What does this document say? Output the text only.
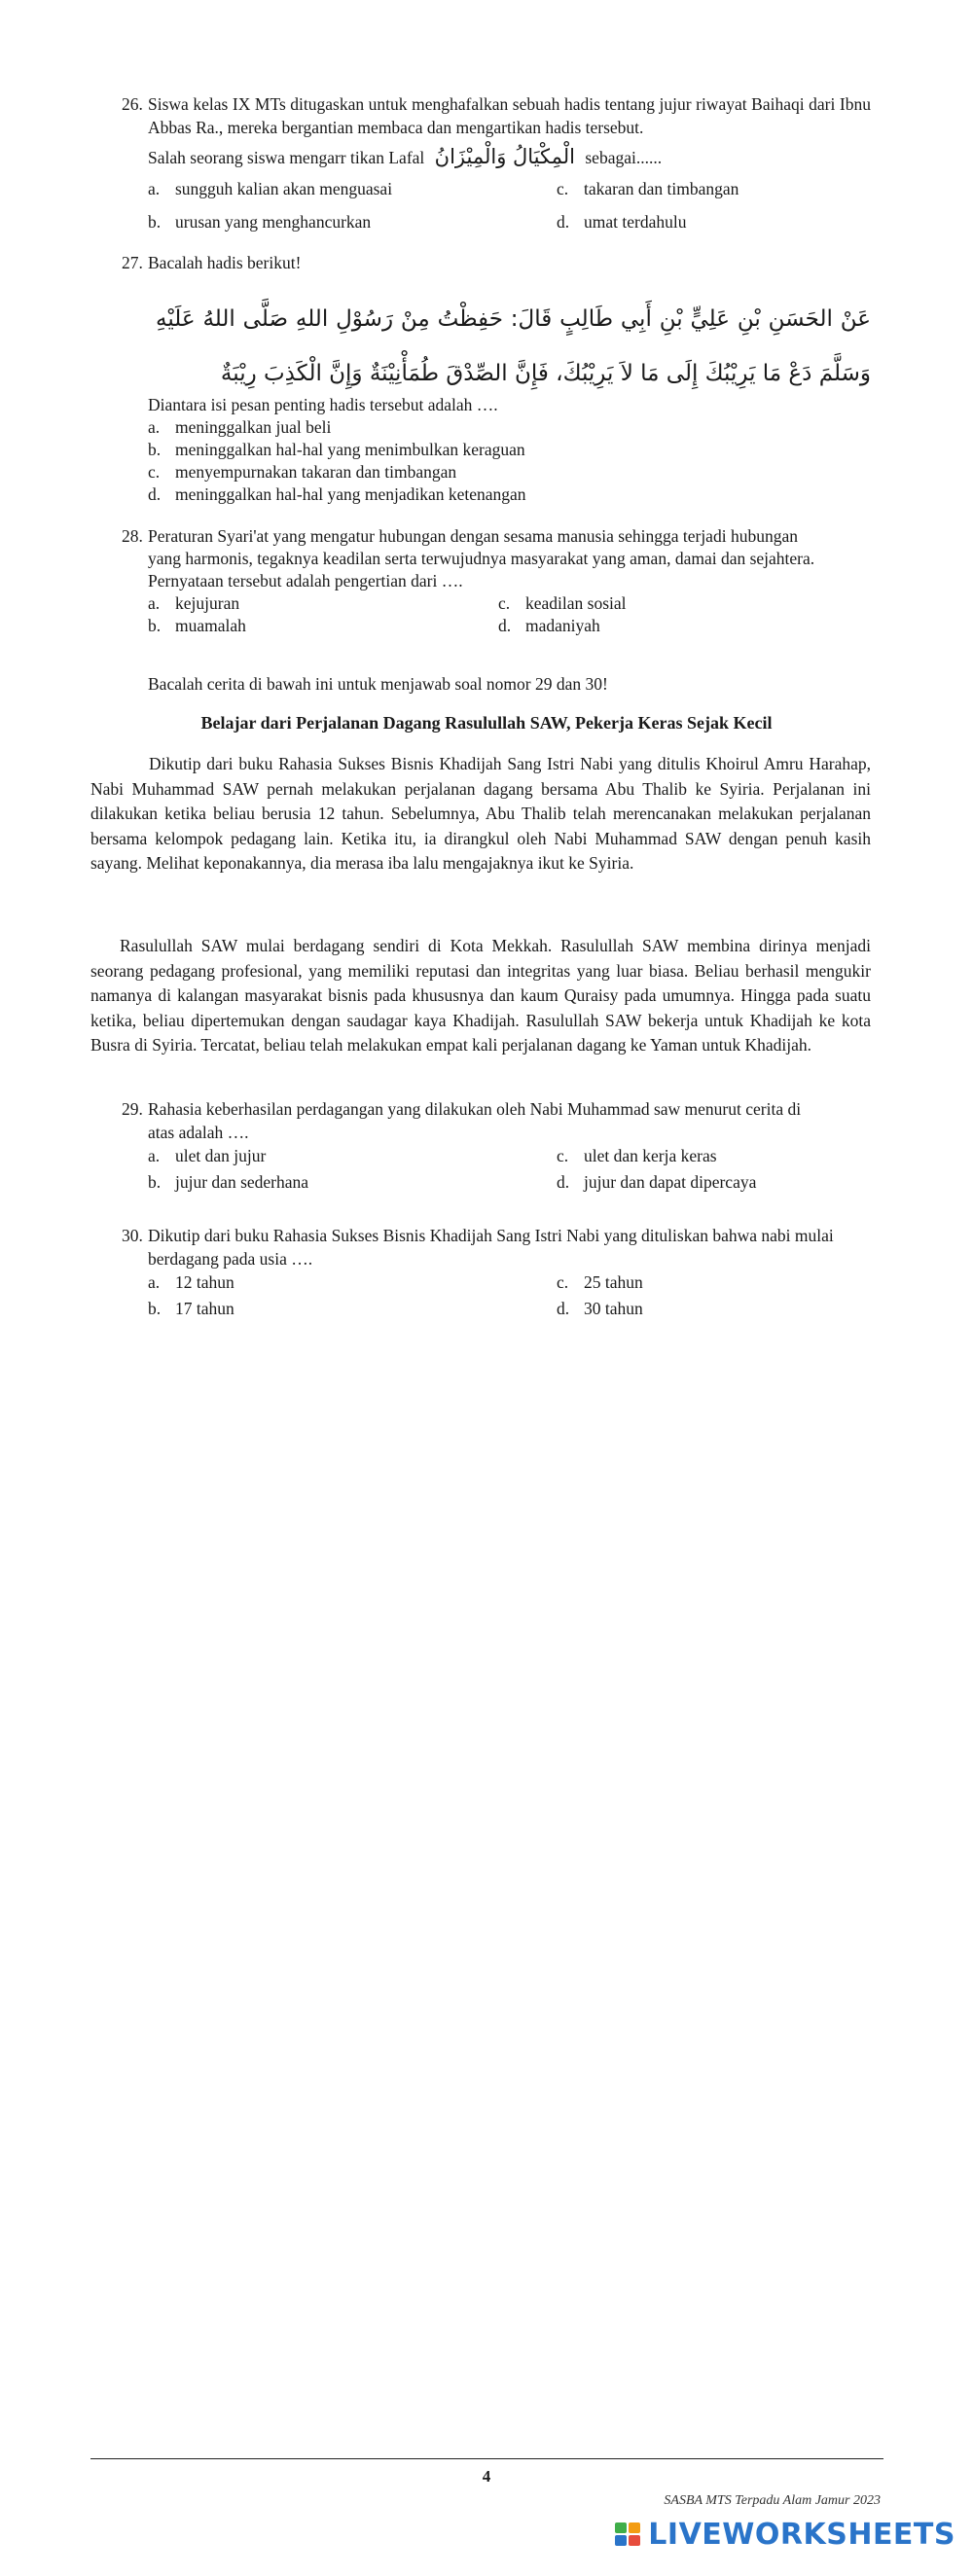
26. Siswa kelas IX MTs ditugaskan untuk menghafalkan sebuah hadis tentang jujur riwayat Baihaqi dari Ibnu Abbas Ra., mereka bergantian membaca dan mengartikan hadis tersebut.
Salah seorang siswa mengarr tikan Lafal الْمِكْيَالُ وَالْمِيْزَانُ sebagai......
a. sungguh kalian akan menguasai	c. takaran dan timbangan
b. urusan yang menghancurkan	d. umat terdahulu
27. Bacalah hadis berikut!
عَنْ الحَسَنِ بْنِ عَلِيٍّ بْنِ أَبِي طَالِبٍ قَالَ: حَفِظْتُ مِنْ رَسُوْلِ اللهِ صَلَّى اللهُ عَلَيْهِ وَسَلَّمَ دَعْ مَا يَرِيْبُكَ إِلَى مَا لاَ يَرِيْبُكَ، فَإِنَّ الصِّدْقَ طُمَأْنِيْنَةٌ وَإِنَّ الْكَذِبَ رِيْبَةٌ
Diantara isi pesan penting hadis tersebut adalah ….
a. meninggalkan jual beli
b. meninggalkan hal-hal yang menimbulkan keraguan
c. menyempurnakan takaran dan timbangan
d. meninggalkan hal-hal yang menjadikan ketenangan
28. Peraturan Syari'at yang mengatur hubungan dengan sesama manusia sehingga terjadi hubungan yang harmonis, tegaknya keadilan serta terwujudnya masyarakat yang aman, damai dan sejahtera. Pernyataan tersebut adalah pengertian dari ….
a. kejujuran	c. keadilan sosial
b. muamalah	d. madaniyah
Bacalah cerita di bawah ini untuk menjawab soal nomor 29 dan 30!
Belajar dari Perjalanan Dagang Rasulullah SAW, Pekerja Keras Sejak Kecil
Dikutip dari buku Rahasia Sukses Bisnis Khadijah Sang Istri Nabi yang ditulis Khoirul Amru Harahap, Nabi Muhammad SAW pernah melakukan perjalanan dagang bersama Abu Thalib ke Syiria. Perjalanan ini dilakukan ketika beliau berusia 12 tahun. Sebelumnya, Abu Thalib telah merencanakan melakukan perjalanan bersama kelompok pedagang lain. Ketika itu, ia dirangkul oleh Nabi Muhammad SAW dengan penuh kasih sayang. Melihat keponakannya, dia merasa iba lalu mengajaknya ikut ke Syiria.
Rasulullah SAW mulai berdagang sendiri di Kota Mekkah. Rasulullah SAW membina dirinya menjadi seorang pedagang profesional, yang memiliki reputasi dan integritas yang luar biasa. Beliau berhasil mengukir namanya di kalangan masyarakat bisnis pada khususnya dan kaum Quraisy pada umumnya. Hingga pada suatu ketika, beliau dipertemukan dengan saudagar kaya Khadijah. Rasulullah SAW bekerja untuk Khadijah ke kota Busra di Syiria. Tercatat, beliau telah melakukan empat kali perjalanan dagang ke Yaman untuk Khadijah.
29. Rahasia keberhasilan perdagangan yang dilakukan oleh Nabi Muhammad saw menurut cerita di atas adalah ….
a. ulet dan jujur	c. ulet dan kerja keras
b. jujur dan sederhana	d. jujur dan dapat dipercaya
30. Dikutip dari buku Rahasia Sukses Bisnis Khadijah Sang Istri Nabi yang dituliskan bahwa nabi mulai berdagang pada usia ….
a. 12 tahun	c. 25 tahun
b. 17 tahun	d. 30 tahun
4
SASBA MTS Terpadu Alam Jamur 2023
LIVEWORKSHEETS
